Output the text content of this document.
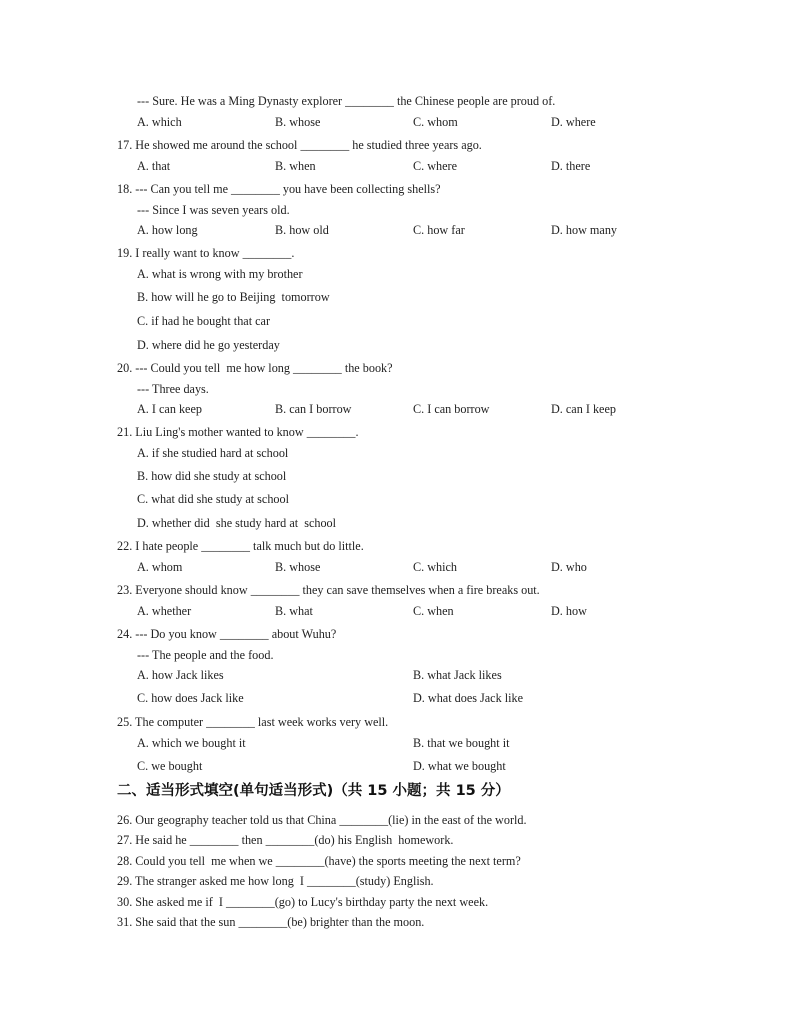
--- Sure. He was a Ming Dynasty explorer ________ the Chinese people are proud of.
A. which	B. whose	C. whom	D. where
17. He showed me around the school ________ he studied three years ago.
A. that	B. when	C. where	D. there
18. --- Can you tell me ________ you have been collecting shells?
--- Since I was seven years old.
A. how long	B. how old	C. how far	D. how many
19. I really want to know ________.
A. what is wrong with my brother
B. how will he go to Beijing  tomorrow
C. if had he bought that car
D. where did he go yesterday
20. --- Could you tell  me how long ________ the book?
--- Three days.
A. I can keep	B. can I borrow	C. I can borrow	D. can I keep
21. Liu Ling's mother wanted to know ________.
A. if she studied hard at school
B. how did she study at school
C. what did she study at school
D. whether did  she study hard at  school
22. I hate people ________ talk much but do little.
A. whom	B. whose	C. which	D. who
23. Everyone should know ________ they can save themselves when a fire breaks out.
A. whether	B. what	C. when	D. how
24. --- Do you know ________ about Wuhu?
--- The people and the food.
A. how Jack likes	B. what Jack likes
C. how does Jack like	D. what does Jack like
25. The computer ________ last week works very well.
A. which we bought it	B. that we bought it
C. we bought	D. what we bought
二、适当形式填空(单句适当形式)（共 15 小题；共 15 分）
26. Our geography teacher told us that China ________(lie) in the east of the world.
27. He said he ________ then ________(do) his English  homework.
28. Could you tell  me when we ________(have) the sports meeting the next term?
29. The stranger asked me how long  I ________(study) English.
30. She asked me if  I ________(go) to Lucy's birthday party the next week.
31. She said that the sun ________(be) brighter than the moon.
